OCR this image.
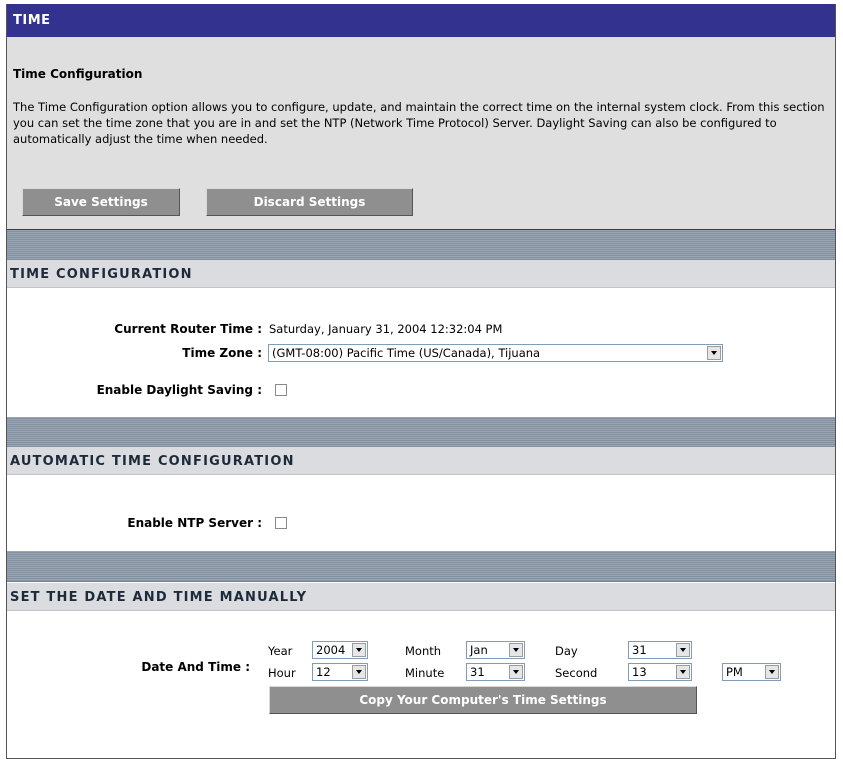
TIME
Time Configuration
The Time Configuration option allows you to configure, update, and maintain the correct time on the internal system clock. From this section you can set the time zone that you are in and set the NTP (Network Time Protocol) Server. Daylight Saving can also be configured to automatically adjust the time when needed.
Save Settings	Discard Settings
TIME CONFIGURATION
Current Router Time : Saturday, January 31, 2004 12:32:04 PM
Time Zone : (GMT-08:00) Pacific Time (US/Canada), Tijuana
Enable Daylight Saving :
AUTOMATIC TIME CONFIGURATION
Enable NTP Server :
SET THE DATE AND TIME MANUALLY
Date And Time :
Year	2004	Month	Jan	Day	31
Hour	12	Minute	31	Second	13	PM
Copy Your Computer's Time Settings
